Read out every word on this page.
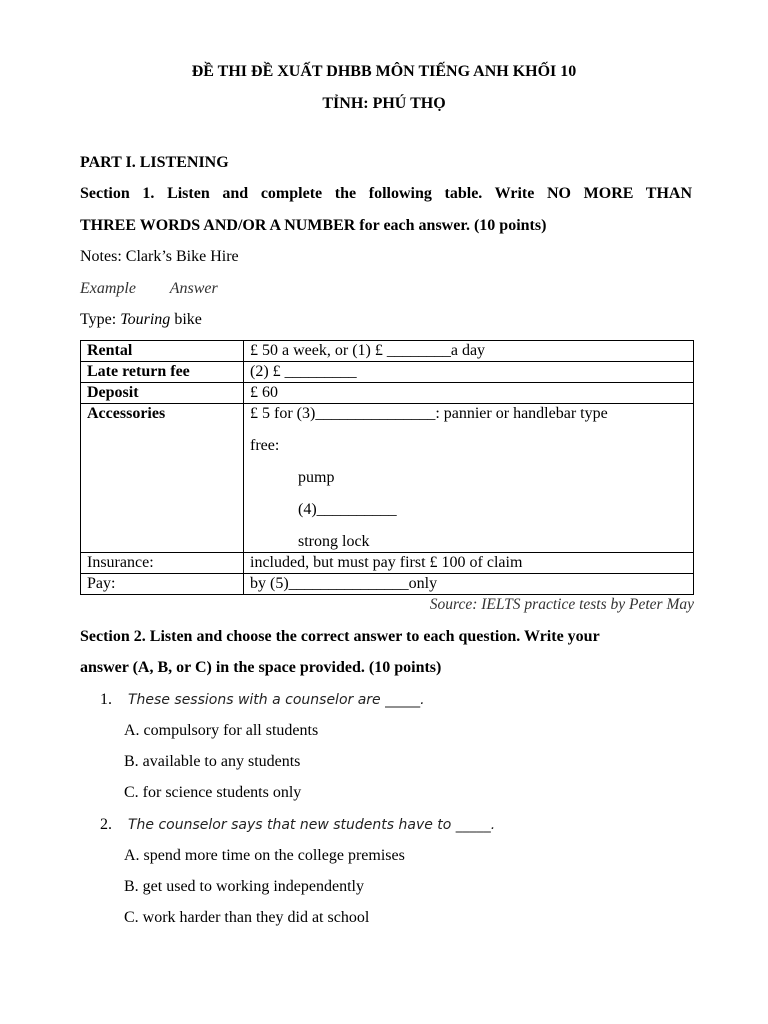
ĐỀ THI ĐỀ XUẤT DHBB MÔN TIẾNG ANH KHỐI 10
TỈNH: PHÚ THỌ
PART I. LISTENING
Section 1. Listen and complete the following table. Write NO MORE THAN
THREE WORDS AND/OR A NUMBER for each answer. (10 points)
Notes: Clark’s Bike Hire
Example Answer
Type: Touring bike
Rental	£ 50 a week, or (1) £ ________a day
Late return fee	(2) £ _________
Deposit	£ 60
Accessories	£ 5 for (3)_______________: pannier or handlebar type
free:
pump
(4)__________
strong lock

Insurance:	included, but must pay first £ 100 of claim
Pay:	by (5)_______________only
Source: IELTS practice tests by Peter May
Section 2. Listen and choose the correct answer to each question. Write your
answer (A, B, or C) in the space provided. (10 points)
1. These sessions with a counselor are _____.
A. compulsory for all students
B. available to any students
C. for science students only
2. The counselor says that new students have to _____.
A. spend more time on the college premises
B. get used to working independently
C. work harder than they did at school
